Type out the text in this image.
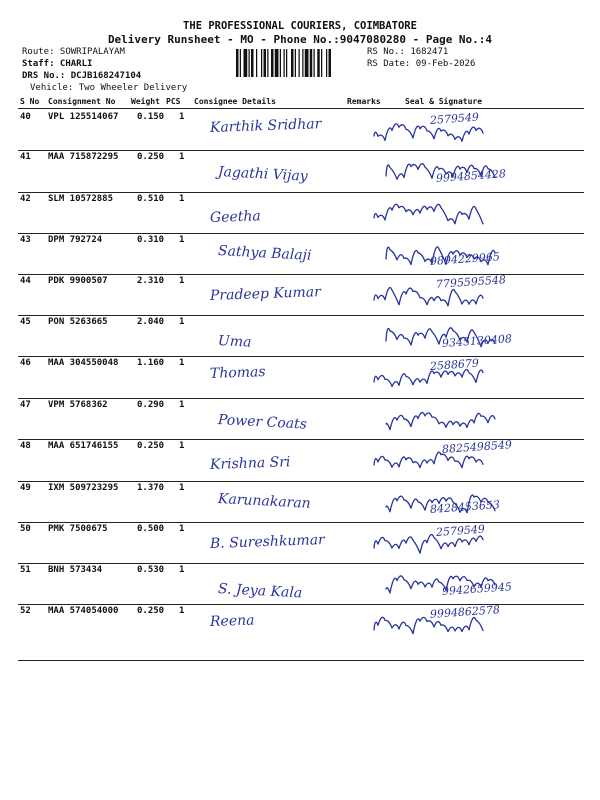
THE PROFESSIONAL COURIERS, COIMBATORE
Delivery Runsheet - MO - Phone No.:9047080280 - Page No.:4
Route: SOWRIPALAYAM
Staff: CHARLI
DRS No.: DCJB168247104
Vehicle: Two Wheeler Delivery
RS No.: 1682471
RS Date: 09-Feb-2026
S No Consignment No Weight PCS Consignee Details	Remarks	Seal & Signature
40 VPL 125514067 0.150 1 Karthik Sridhar	2579549
41 MAA 715872295 0.250 1
Jagathi Vijay	9994854428
42 SLM 10572885	0.510 1
Geetha
43 DPM 792724	0.310 1
Sathya Balaji	9894229965
44 PDK 9900507	2.310 1
Pradeep Kumar
7795595548
45 PON 5263665	2.040 1
Uma	9345130408
46 MAA 304550048 1.160 1
Thomas	2588679
47 VPM 5768362	0.290 1
Power Coats
48 MAA 651746155 0.250 1
Krishna Sri
8825498549
49 IXM 509723295 1.370 1
Karunakaran	8428453653
50 PMK 7500675	0.500 1
B. Sureshkumar
2579549
51 BNH 573434	0.530 1
S. Jeya Kala	9942659945
52 MAA 574054000 0.250 1
Reena
9994862578
